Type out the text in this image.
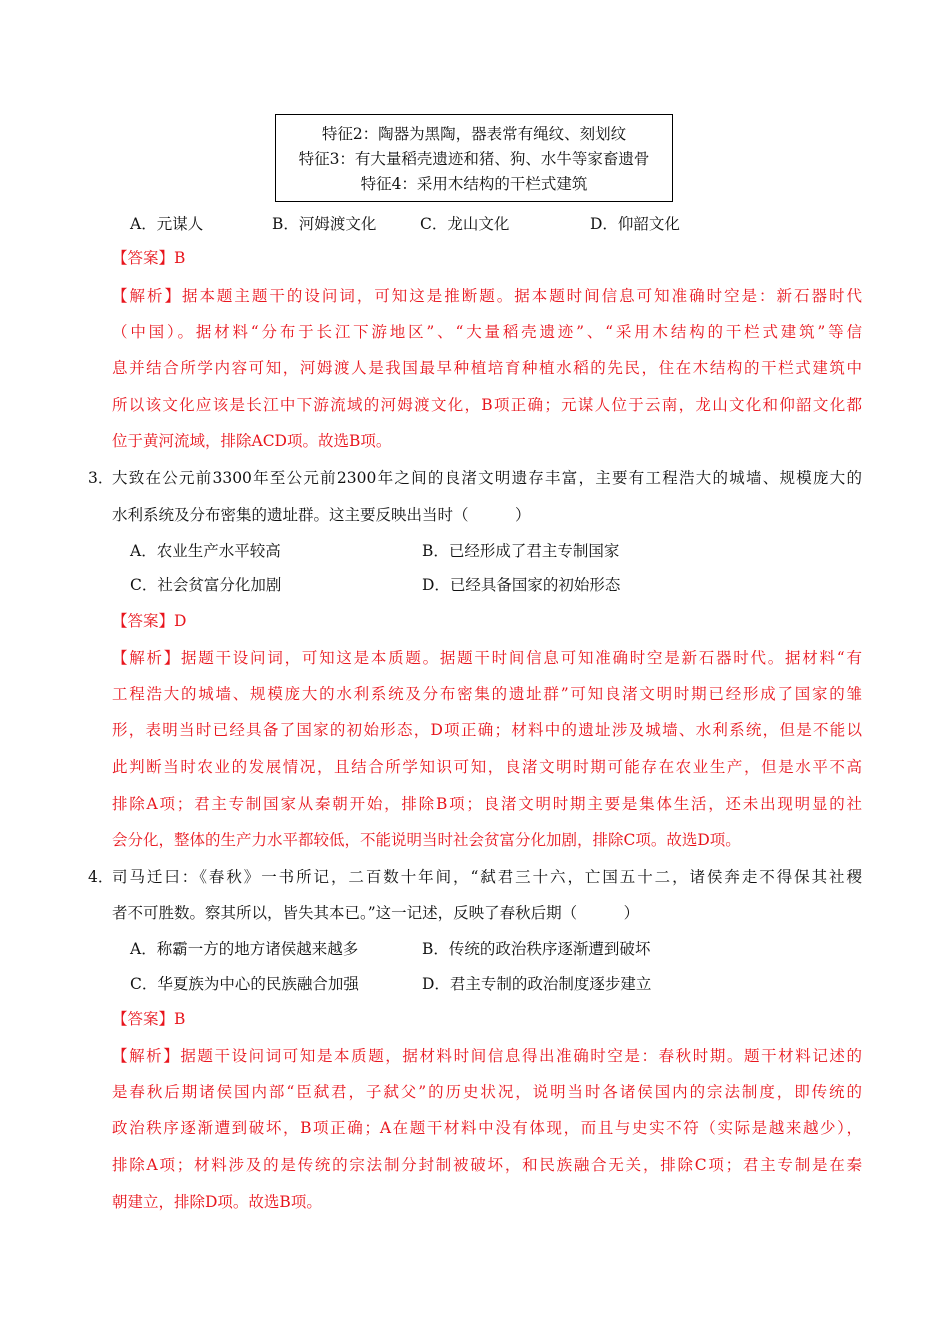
特征2：陶器为黑陶，器表常有绳纹、刻划纹
特征3：有大量稻壳遗迹和猪、狗、水牛等家畜遗骨
特征4：采用木结构的干栏式建筑
A．元谋人	B．河姆渡文化	C．龙山文化	D．仰韶文化
【答案】B
【解析】据本题主题干的设问词，可知这是推断题。据本题时间信息可知准确时空是：新石器时代
（中国）。据材料“分布于长江下游地区”、“大量稻壳遗迹”、“采用木结构的干栏式建筑”等信
息并结合所学内容可知，河姆渡人是我国最早种植培育种植水稻的先民，住在木结构的干栏式建筑中
所以该文化应该是长江中下游流域的河姆渡文化，B项正确；元谋人位于云南，龙山文化和仰韶文化都
位于黄河流域，排除ACD项。故选B项。
3．
大致在公元前3300年至公元前2300年之间的良渚文明遗存丰富，主要有工程浩大的城墙、规模庞大的
水利系统及分布密集的遗址群。这主要反映出当时（　　　）
A．农业生产水平较高	B．已经形成了君主专制国家
C．社会贫富分化加剧	D．已经具备国家的初始形态
【答案】D
【解析】据题干设问词，可知这是本质题。据题干时间信息可知准确时空是新石器时代。据材料“有
工程浩大的城墙、规模庞大的水利系统及分布密集的遗址群”可知良渚文明时期已经形成了国家的雏
形，表明当时已经具备了国家的初始形态，D项正确；材料中的遗址涉及城墙、水利系统，但是不能以
此判断当时农业的发展情况，且结合所学知识可知，良渚文明时期可能存在农业生产，但是水平不高
排除A项；君主专制国家从秦朝开始，排除B项；良渚文明时期主要是集体生活，还未出现明显的社
会分化，整体的生产力水平都较低，不能说明当时社会贫富分化加剧，排除C项。故选D项。
4．
司马迁曰：《春秋》一书所记，二百数十年间，“弑君三十六，亡国五十二，诸侯奔走不得保其社稷
者不可胜数。察其所以，皆失其本已。”这一记述，反映了春秋后期（　　　）
A．称霸一方的地方诸侯越来越多	B．传统的政治秩序逐渐遭到破坏
C．华夏族为中心的民族融合加强	D．君主专制的政治制度逐步建立
【答案】B
【解析】据题干设问词可知是本质题，据材料时间信息得出准确时空是：春秋时期。题干材料记述的
是春秋后期诸侯国内部“臣弑君，子弑父”的历史状况，说明当时各诸侯国内的宗法制度，即传统的
政治秩序逐渐遭到破坏，B项正确；A在题干材料中没有体现，而且与史实不符（实际是越来越少），
排除A项；材料涉及的是传统的宗法制分封制被破坏，和民族融合无关，排除C项；君主专制是在秦
朝建立，排除D项。故选B项。
